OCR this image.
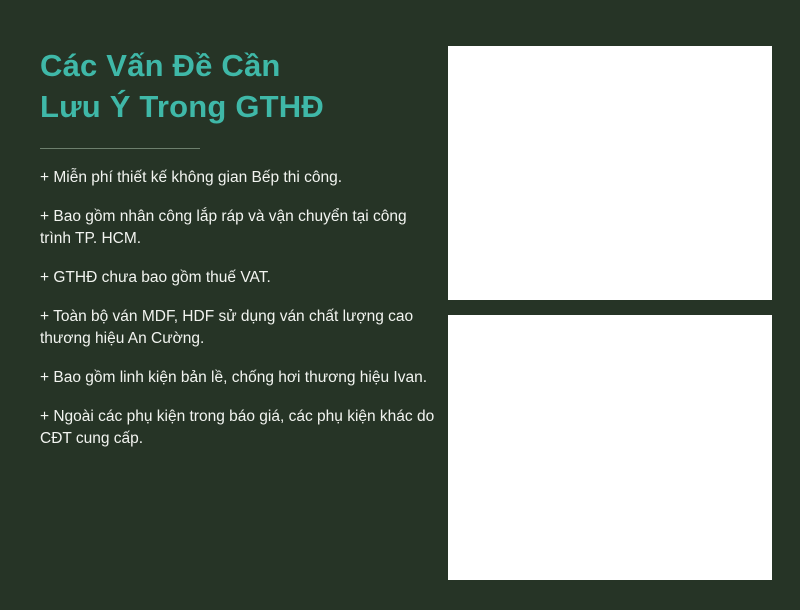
Các Vấn Đề Cần
Lưu Ý Trong GTHĐ
+ Miễn phí thiết kế không gian Bếp thi công.
+ Bao gồm nhân công lắp ráp và vận chuyển tại công trình TP. HCM.
+ GTHĐ chưa bao gồm thuế VAT.
+ Toàn bộ ván MDF, HDF sử dụng ván chất lượng cao thương hiệu An Cường.
+ Bao gồm linh kiện bản lề, chống hơi thương hiệu Ivan.
+ Ngoài các phụ kiện trong báo giá, các phụ kiện khác do CĐT cung cấp.
